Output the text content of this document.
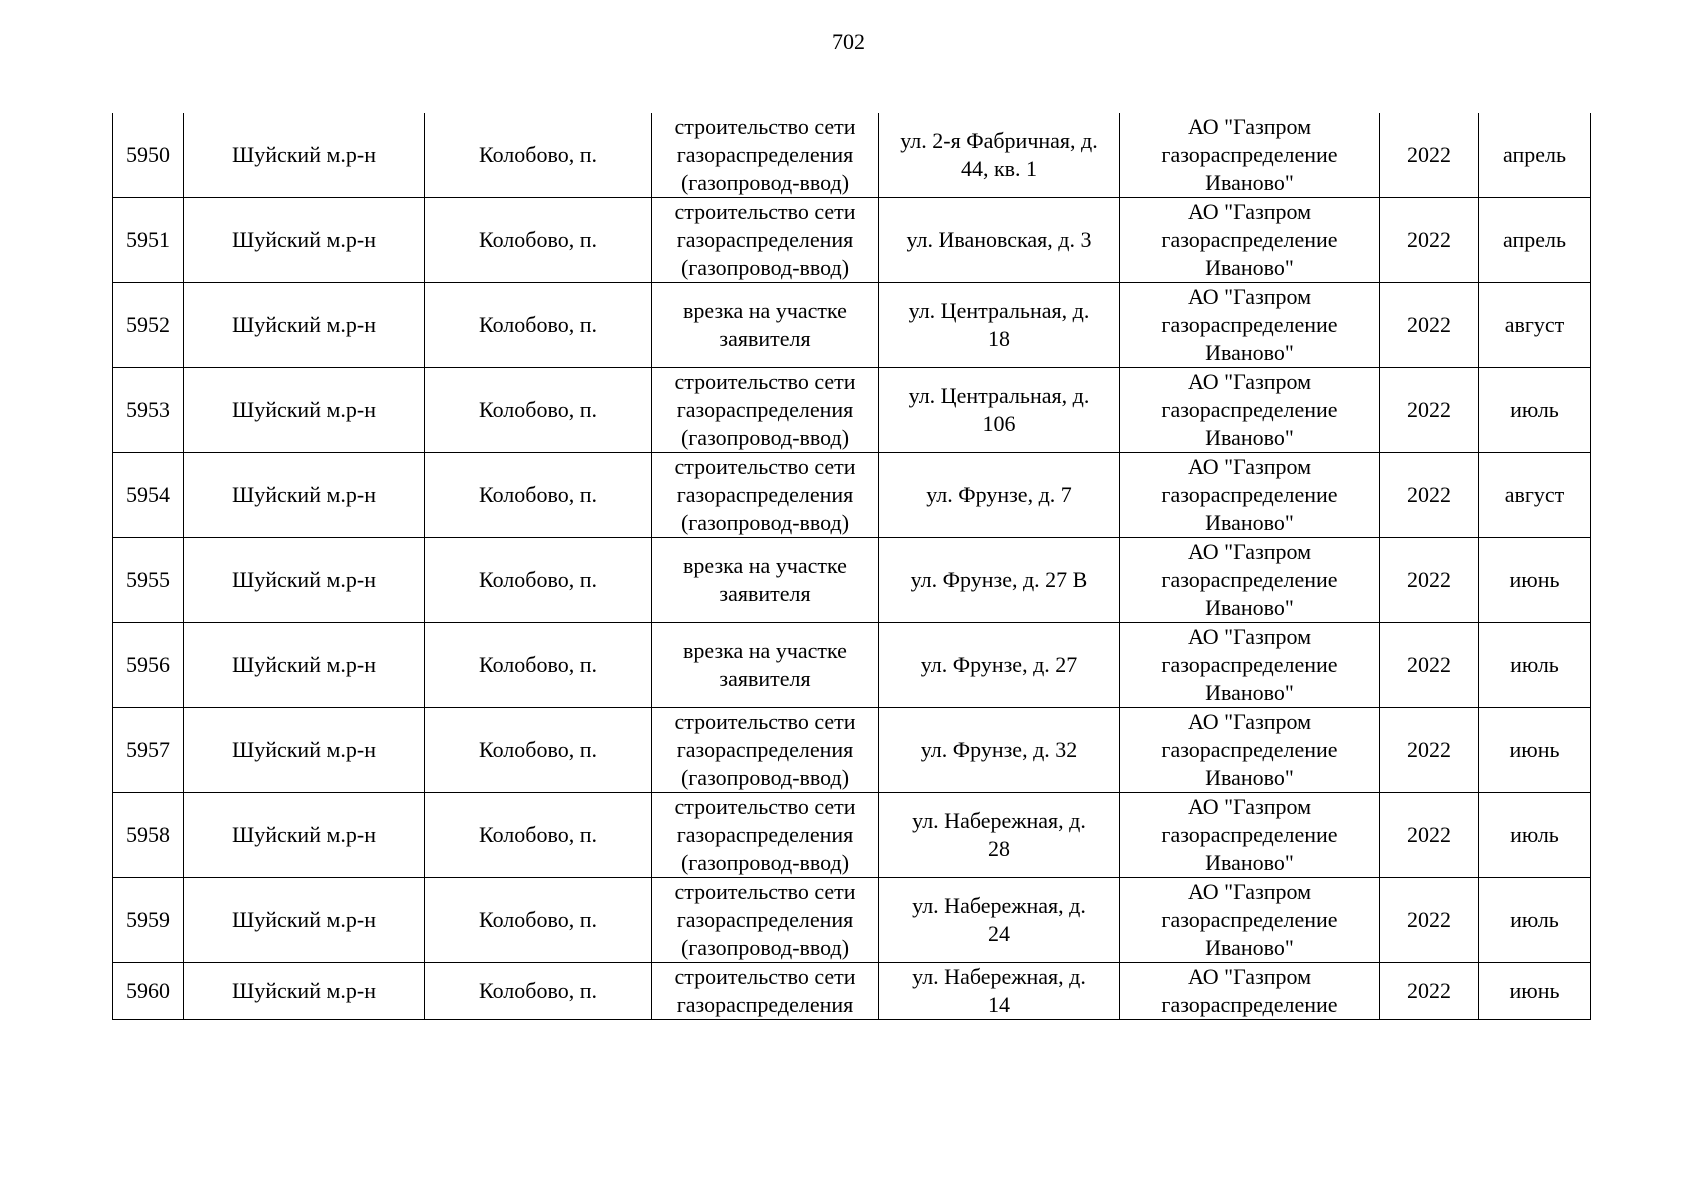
702
5950	Шуйский м.р-н	Колобово, п.	строительство сети
газораспределения
(газопровод-ввод)	ул. 2-я Фабричная, д.
44, кв. 1	АО "Газпром
газораспределение
Иваново"	2022	апрель
5951	Шуйский м.р-н	Колобово, п.	строительство сети
газораспределения
(газопровод-ввод)	ул. Ивановская, д. 3	АО "Газпром
газораспределение
Иваново"	2022	апрель
5952	Шуйский м.р-н	Колобово, п.	врезка на участке
заявителя	ул. Центральная, д.
18	АО "Газпром
газораспределение
Иваново"	2022	август
5953	Шуйский м.р-н	Колобово, п.	строительство сети
газораспределения
(газопровод-ввод)	ул. Центральная, д.
106	АО "Газпром
газораспределение
Иваново"	2022	июль
5954	Шуйский м.р-н	Колобово, п.	строительство сети
газораспределения
(газопровод-ввод)	ул. Фрунзе, д. 7	АО "Газпром
газораспределение
Иваново"	2022	август
5955	Шуйский м.р-н	Колобово, п.	врезка на участке
заявителя	ул. Фрунзе, д. 27 В	АО "Газпром
газораспределение
Иваново"	2022	июнь
5956	Шуйский м.р-н	Колобово, п.	врезка на участке
заявителя	ул. Фрунзе, д. 27	АО "Газпром
газораспределение
Иваново"	2022	июль
5957	Шуйский м.р-н	Колобово, п.	строительство сети
газораспределения
(газопровод-ввод)	ул. Фрунзе, д. 32	АО "Газпром
газораспределение
Иваново"	2022	июнь
5958	Шуйский м.р-н	Колобово, п.	строительство сети
газораспределения
(газопровод-ввод)	ул. Набережная, д.
28	АО "Газпром
газораспределение
Иваново"	2022	июль
5959	Шуйский м.р-н	Колобово, п.	строительство сети
газораспределения
(газопровод-ввод)	ул. Набережная, д.
24	АО "Газпром
газораспределение
Иваново"	2022	июль
5960	Шуйский м.р-н	Колобово, п.	строительство сети
газораспределения	ул. Набережная, д.
14	АО "Газпром
газораспределение	2022	июнь
